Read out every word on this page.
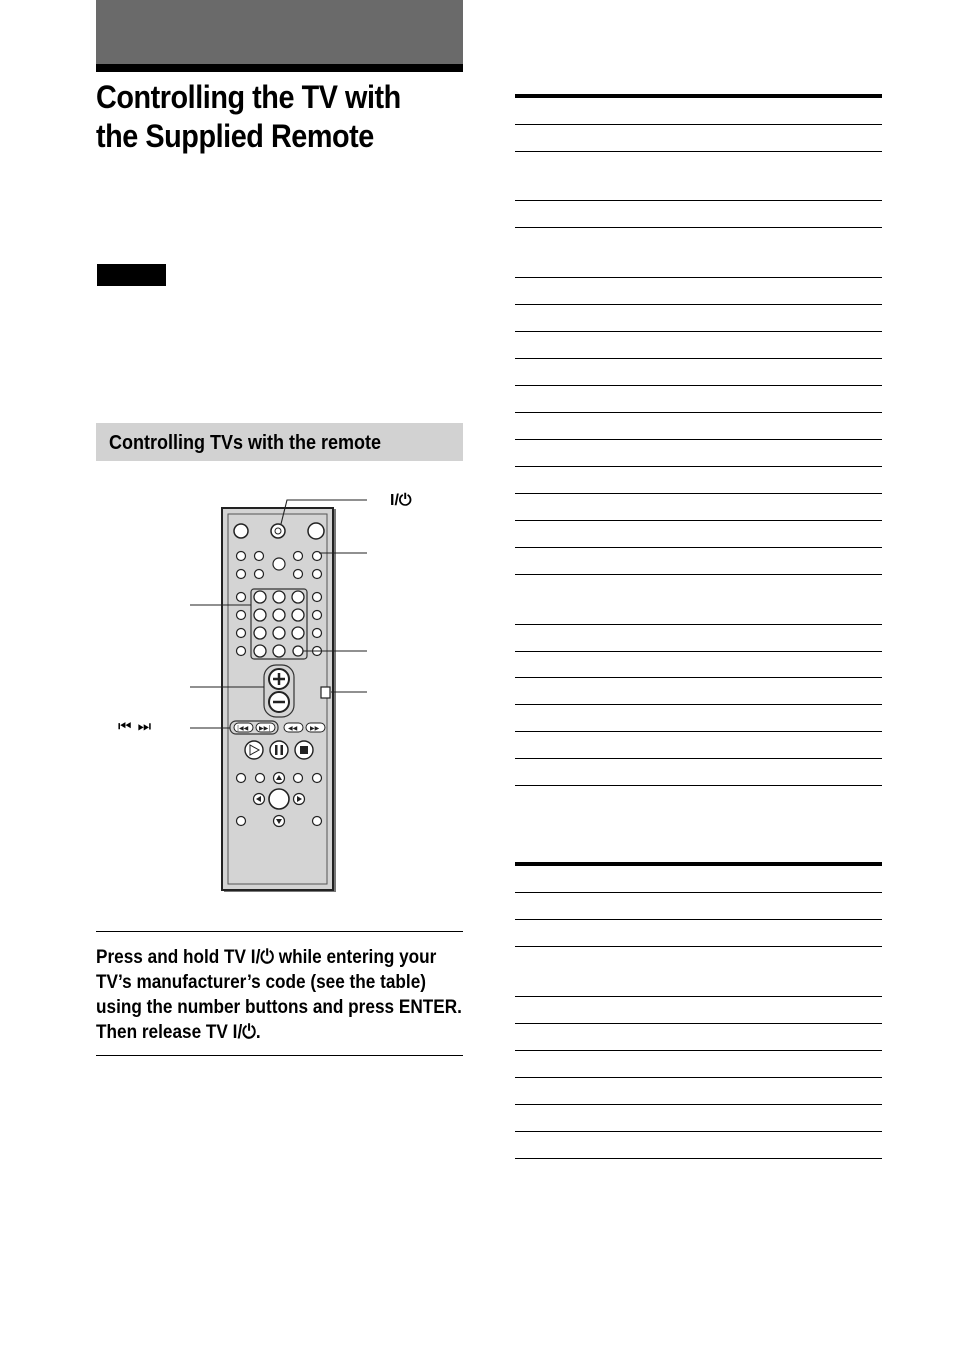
Controlling the TV with
the Supplied Remote
Controlling TVs with the remote
|◀◀ ▶▶|	◀◀ ▶▶
I/⏻
⏮ ⏭

Press and hold TV I/⏻ while entering your TV’s manufacturer’s code (see the table) using the number buttons and press ENTER. Then release TV I/⏻.
